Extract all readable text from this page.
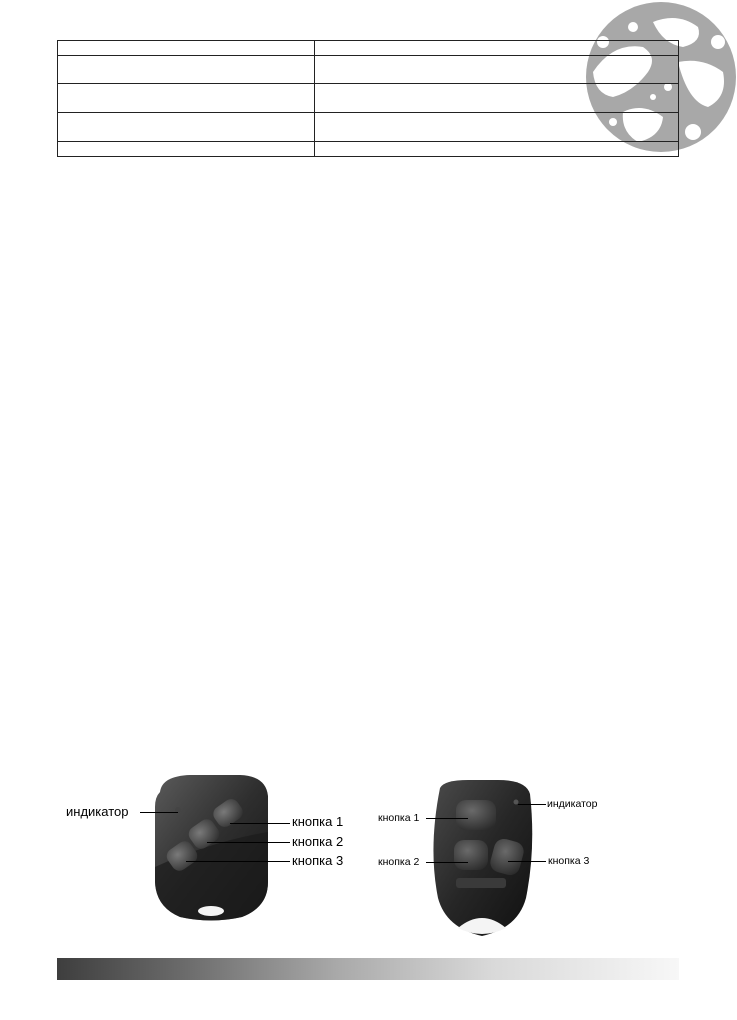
индикатор
кнопка 1
кнопка 2
кнопка 3
индикатор
кнопка 1
кнопка 2	кнопка 3
